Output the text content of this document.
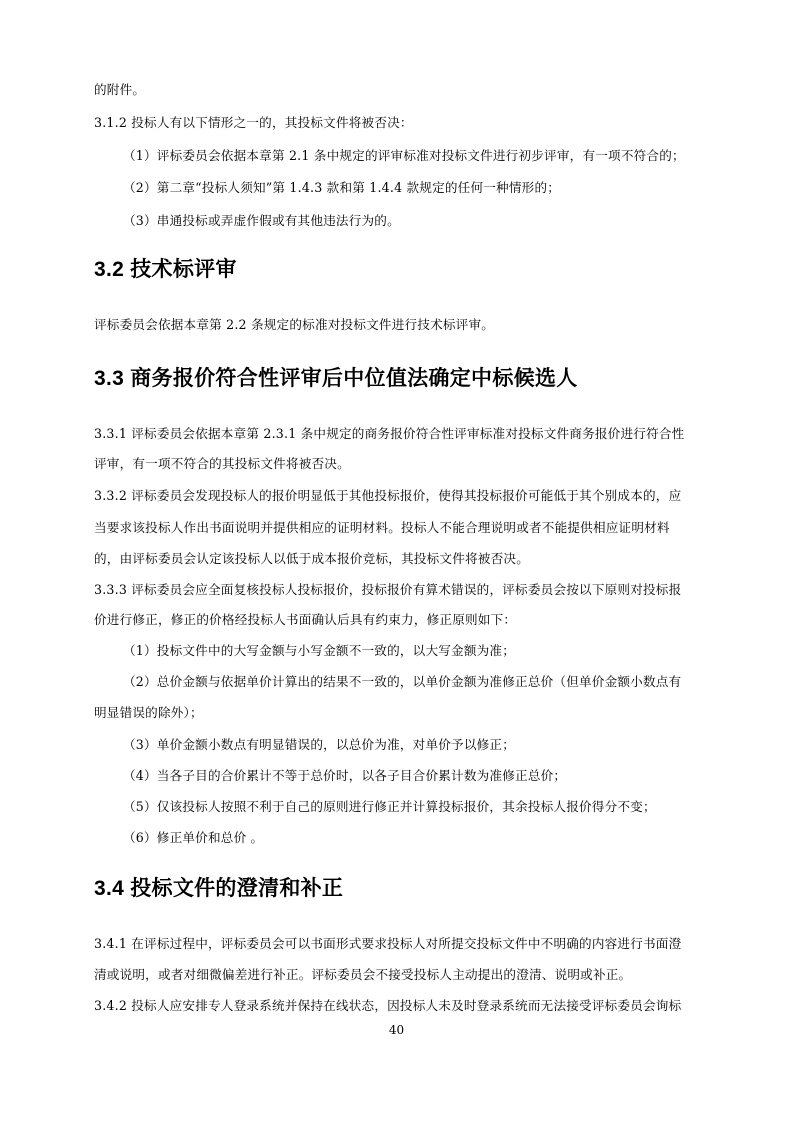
的附件。
3.1.2 投标人有以下情形之一的，其投标文件将被否决：
（1）评标委员会依据本章第 2.1 条中规定的评审标准对投标文件进行初步评审，有一项不符合的；
（2）第二章“投标人须知”第 1.4.3 款和第 1.4.4 款规定的任何一种情形的；
（3）串通投标或弄虚作假或有其他违法行为的。
3.2 技术标评审
评标委员会依据本章第 2.2 条规定的标准对投标文件进行技术标评审。
3.3 商务报价符合性评审后中位值法确定中标候选人
3.3.1 评标委员会依据本章第 2.3.1 条中规定的商务报价符合性评审标准对投标文件商务报价进行符合性
评审，有一项不符合的其投标文件将被否决。
3.3.2 评标委员会发现投标人的报价明显低于其他投标报价，使得其投标报价可能低于其个别成本的，应
当要求该投标人作出书面说明并提供相应的证明材料。投标人不能合理说明或者不能提供相应证明材料
的，由评标委员会认定该投标人以低于成本报价竞标，其投标文件将被否决。
3.3.3 评标委员会应全面复核投标人投标报价，投标报价有算术错误的，评标委员会按以下原则对投标报
价进行修正，修正的价格经投标人书面确认后具有约束力，修正原则如下：
（1）投标文件中的大写金额与小写金额不一致的，以大写金额为准；
（2）总价金额与依据单价计算出的结果不一致的，以单价金额为准修正总价（但单价金额小数点有
明显错误的除外）；
（3）单价金额小数点有明显错误的，以总价为准，对单价予以修正；
（4）当各子目的合价累计不等于总价时，以各子目合价累计数为准修正总价；
（5）仅该投标人按照不利于自己的原则进行修正并计算投标报价，其余投标人报价得分不变；
（6）修正单价和总价 。
3.4 投标文件的澄清和补正
3.4.1 在评标过程中，评标委员会可以书面形式要求投标人对所提交投标文件中不明确的内容进行书面澄
清或说明，或者对细微偏差进行补正。评标委员会不接受投标人主动提出的澄清、说明或补正。
3.4.2 投标人应安排专人登录系统并保持在线状态，因投标人未及时登录系统而无法接受评标委员会询标
40
